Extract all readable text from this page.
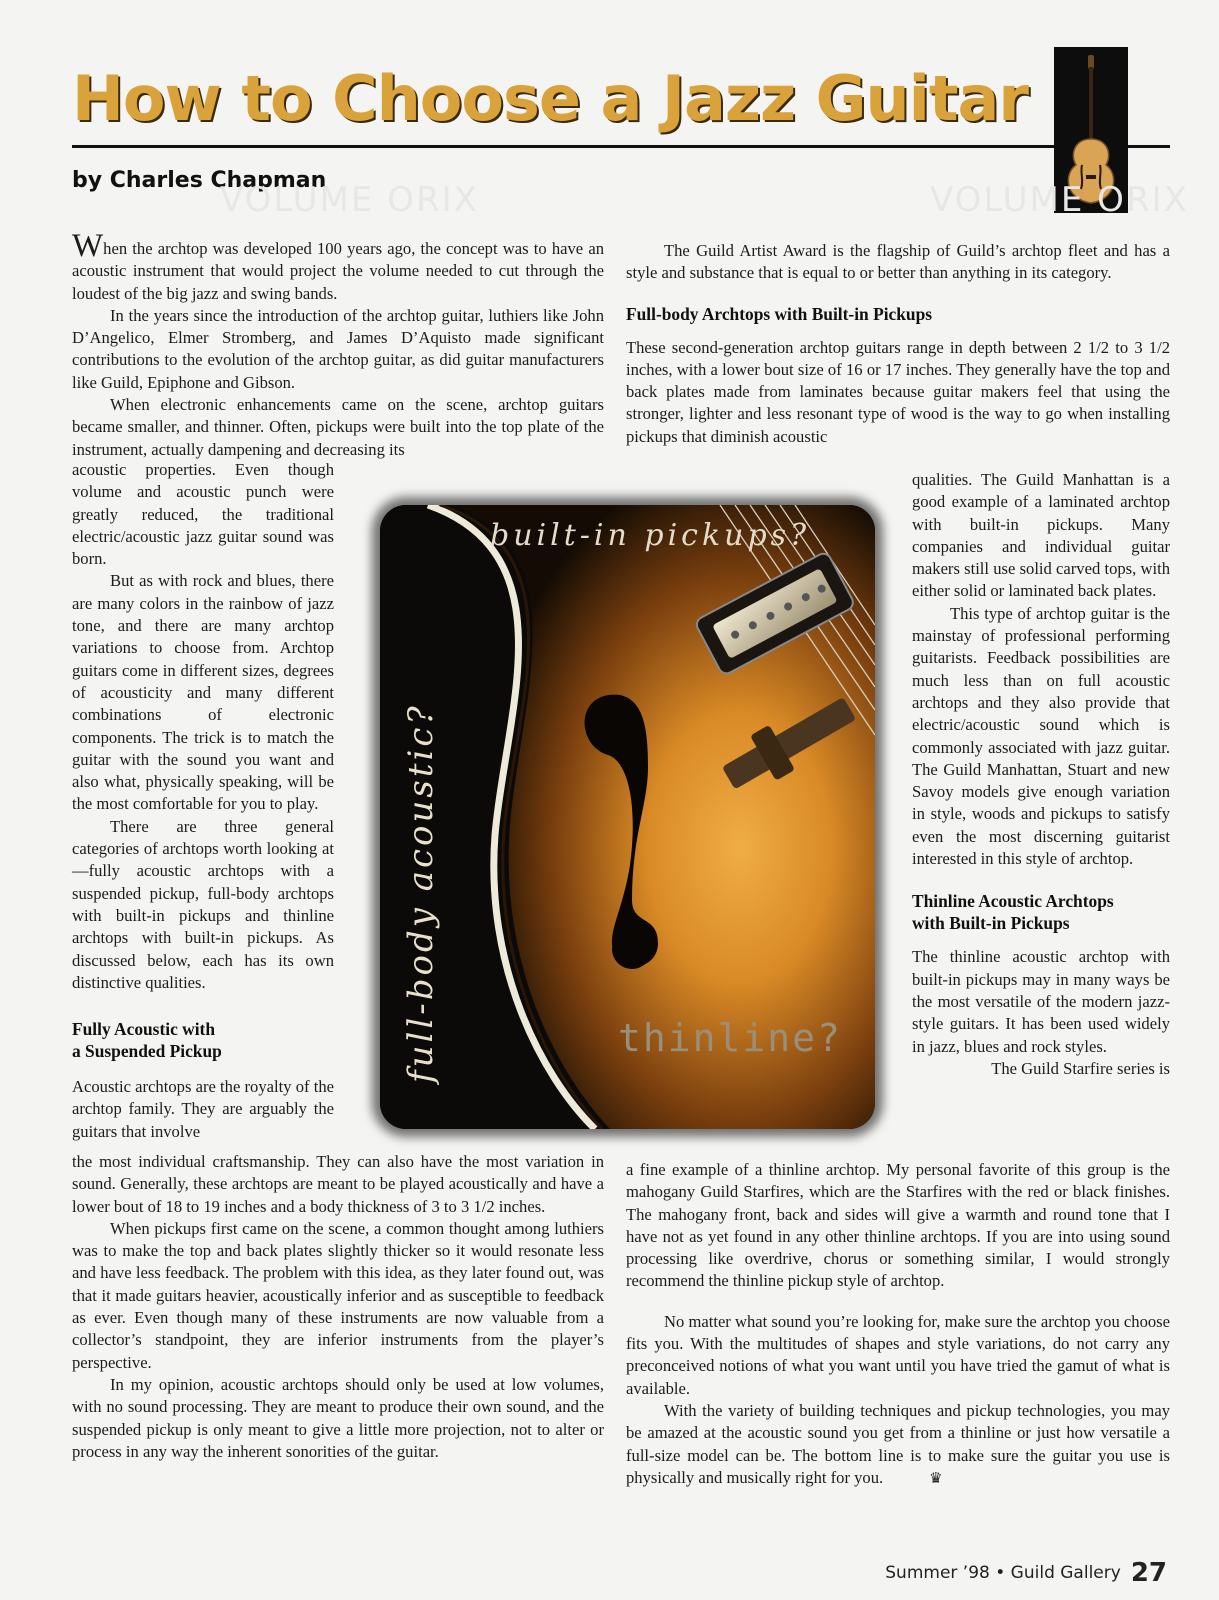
How to Choose a Jazz Guitar
by Charles Chapman
VOLUME ORIX	VOLUME ORIX

When the archtop was developed 100 years ago, the concept was to have an acoustic instrument that would project the volume needed to cut through the loudest of the big jazz and swing bands.

In the years since the introduction of the archtop guitar, luthiers like John D’Angelico, Elmer Stromberg, and James D’Aquisto made significant contributions to the evolution of the archtop guitar, as did guitar manufacturers like Guild, Epiphone and Gibson.

When electronic enhancements came on the scene, archtop guitars became smaller, and thinner. Often, pickups were built into the top plate of the instrument, actually dampening and decreasing its

acoustic properties. Even though volume and acoustic punch were greatly reduced, the traditional electric/acoustic jazz guitar sound was born.

But as with rock and blues, there are many colors in the rainbow of jazz tone, and there are many archtop variations to choose from. Archtop guitars come in different sizes, degrees of acousticity and many different combinations of electronic components. The trick is to match the guitar with the sound you want and also what, physically speaking, will be the most comfortable for you to play.

There are three general categories of archtops worth looking at—fully acoustic archtops with a suspended pickup, full-body archtops with built-in pickups and thinline archtops with built-in pickups. As discussed below, each has its own distinctive qualities.

Fully Acoustic with
a Suspended Pickup

Acoustic archtops are the royalty of the archtop family. They are arguably the guitars that involve

the most individual craftsmanship. They can also have the most variation in sound. Generally, these archtops are meant to be played acoustically and have a lower bout of 18 to 19 inches and a body thickness of 3 to 3 1/2 inches.

When pickups first came on the scene, a common thought among luthiers was to make the top and back plates slightly thicker so it would resonate less and have less feedback. The problem with this idea, as they later found out, was that it made guitars heavier, acoustically inferior and as susceptible to feedback as ever. Even though many of these instruments are now valuable from a collector’s standpoint, they are inferior instruments from the player’s perspective.

In my opinion, acoustic archtops should only be used at low volumes, with no sound processing. They are meant to produce their own sound, and the suspended pickup is only meant to give a little more projection, not to alter or process in any way the inherent sonorities of the guitar.

The Guild Artist Award is the flagship of Guild’s archtop fleet and has a style and substance that is equal to or better than anything in its category.

Full-body Archtops with Built-in Pickups

These second-generation archtop guitars range in depth between 2 1/2 to 3 1/2 inches, with a lower bout size of 16 or 17 inches. They generally have the top and back plates made from laminates because guitar makers feel that using the stronger, lighter and less resonant type of wood is the way to go when installing pickups that diminish acoustic

qualities. The Guild Manhattan is a good example of a laminated archtop with built-in pickups. Many companies and individual guitar makers still use solid carved tops, with either solid or laminated back plates.

This type of archtop guitar is the mainstay of professional performing guitarists. Feedback possibilities are much less than on full acoustic archtops and they also provide that electric/acoustic sound which is commonly associated with jazz guitar. The Guild Manhattan, Stuart and new Savoy models give enough variation in style, woods and pickups to satisfy even the most discerning guitarist interested in this style of archtop.

Thinline Acoustic Archtops
with Built-in Pickups

The thinline acoustic archtop with built-in pickups may in many ways be the most versatile of the modern jazz-style guitars. It has been used widely in jazz, blues and rock styles.

The Guild Starfire series is

a fine example of a thinline archtop. My personal favorite of this group is the mahogany Guild Starfires, which are the Starfires with the red or black finishes. The mahogany front, back and sides will give a warmth and round tone that I have not as yet found in any other thinline archtops. If you are into using sound processing like overdrive, chorus or something similar, I would strongly recommend the thinline pickup style of archtop.

No matter what sound you’re looking for, make sure the archtop you choose fits you. With the multitudes of shapes and style variations, do not carry any preconceived notions of what you want until you have tried the gamut of what is available.

With the variety of building techniques and pickup technologies, you may be amazed at the acoustic sound you get from a thinline or just how versatile a full-size model can be. The bottom line is to make sure the guitar you use is physically and musically right for you.	♛

built-in pickups?
full-body acoustic?	thinline?
Summer ’98 • Guild Gallery 27
